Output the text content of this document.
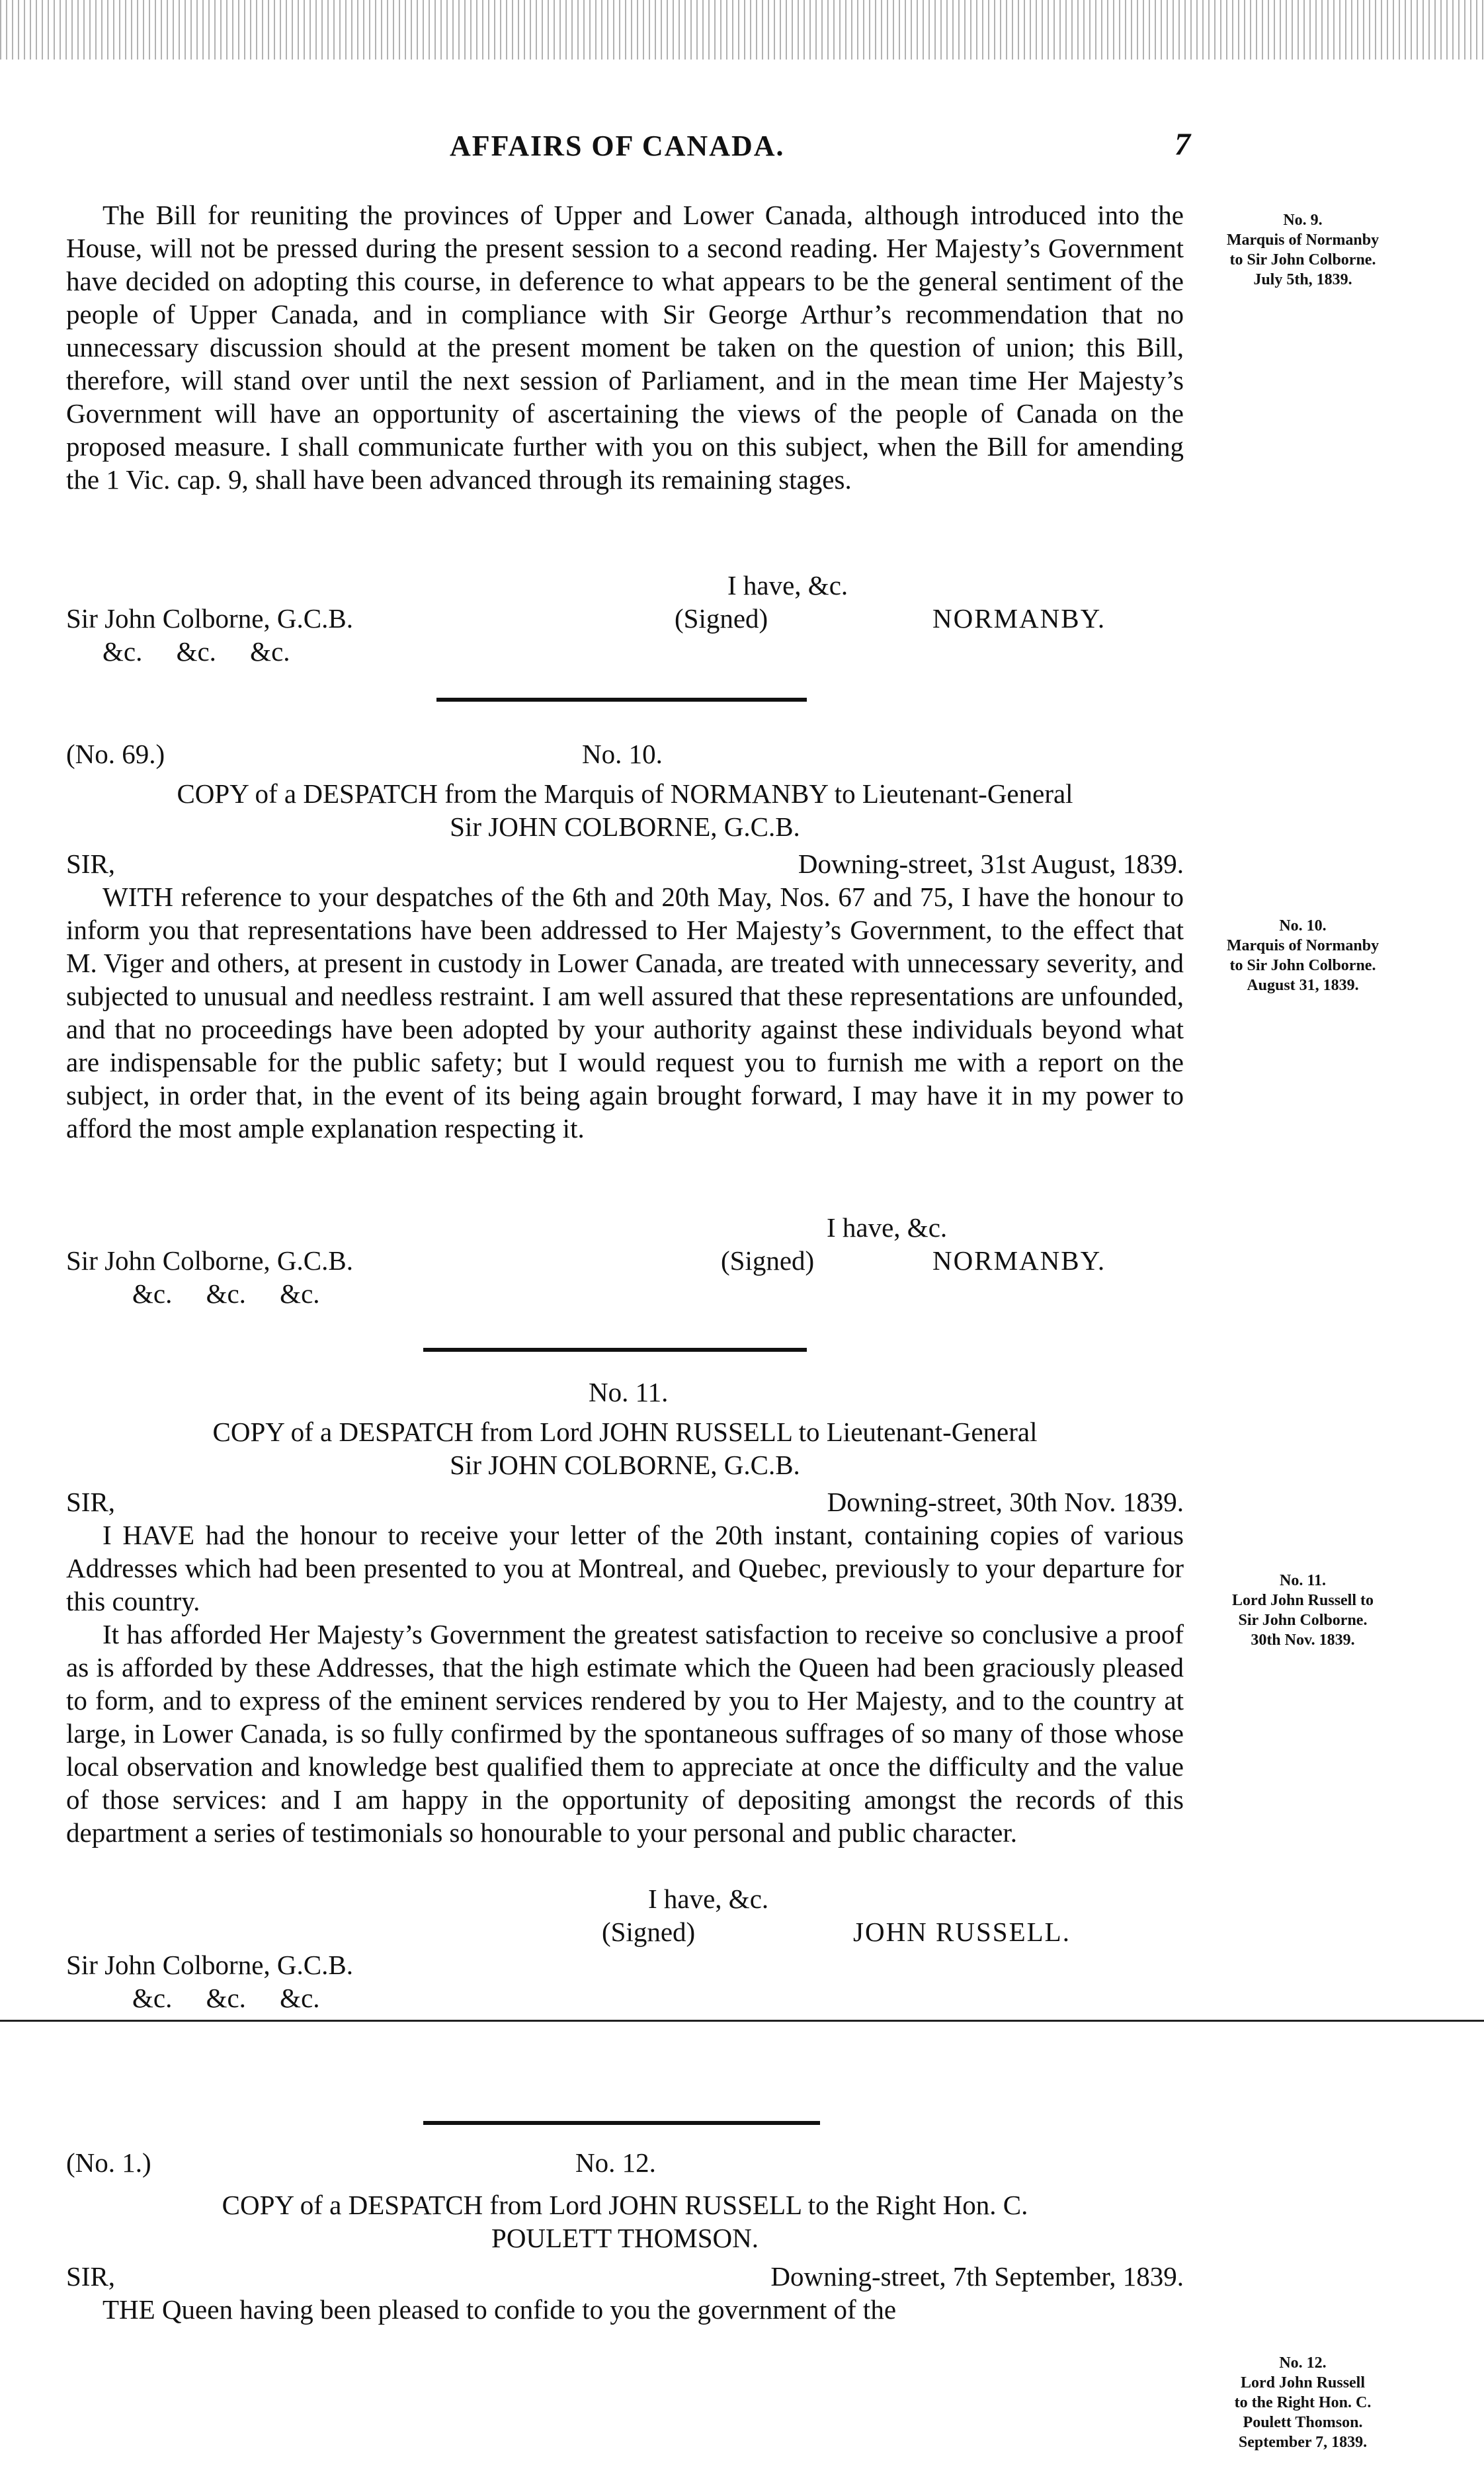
AFFAIRS OF CANADA.	7

The Bill for reuniting the provinces of Upper and Lower Canada, although introduced into the House, will not be pressed during the present session to a second reading. Her Majesty’s Government have decided on adopting this course, in deference to what appears to be the general sentiment of the people of Upper Canada, and in compliance with Sir George Arthur’s recommendation that no unnecessary discussion should at the present moment be taken on the question of union; this Bill, therefore, will stand over until the next session of Parliament, and in the mean time Her Majesty’s Government will have an opportunity of ascertaining the views of the people of Canada on the proposed measure. I shall communicate further with you on this subject, when the Bill for amending the 1 Vic. cap. 9, shall have been advanced through its remaining stages.

I have, &c.
Sir John Colborne, G.C.B.	(Signed)	NORMANBY.
&c.     &c.     &c.
No. 9.
Marquis of Normanby
to Sir John Colborne.
July 5th, 1839.
(No. 69.)	No. 10.
COPY of a DESPATCH from the Marquis of NORMANBY to Lieutenant-General
Sir JOHN COLBORNE, G.C.B.
SIR,	Downing-street, 31st August, 1839.

WITH reference to your despatches of the 6th and 20th May, Nos. 67 and 75, I have the honour to inform you that representations have been addressed to Her Majesty’s Government, to the effect that M. Viger and others, at present in custody in Lower Canada, are treated with unnecessary severity, and subjected to unusual and needless restraint. I am well assured that these representations are unfounded, and that no proceedings have been adopted by your authority against these individuals beyond what are indispensable for the public safety; but I would request you to furnish me with a report on the subject, in order that, in the event of its being again brought forward, I may have it in my power to afford the most ample explanation respecting it.

I have, &c.
Sir John Colborne, G.C.B.	(Signed)	NORMANBY.
&c.     &c.     &c.
No. 10.
Marquis of Normanby
to Sir John Colborne.
August 31, 1839.
No. 11.
COPY of a DESPATCH from Lord JOHN RUSSELL to Lieutenant-General
Sir JOHN COLBORNE, G.C.B.
SIR,	Downing-street, 30th Nov. 1839.

I HAVE had the honour to receive your letter of the 20th instant, containing copies of various Addresses which had been presented to you at Montreal, and Quebec, previously to your departure for this country.

It has afforded Her Majesty’s Government the greatest satisfaction to receive so conclusive a proof as is afforded by these Addresses, that the high estimate which the Queen had been graciously pleased to form, and to express of the eminent services rendered by you to Her Majesty, and to the country at large, in Lower Canada, is so fully confirmed by the spontaneous suffrages of so many of those whose local observation and knowledge best qualified them to appreciate at once the difficulty and the value of those services: and I am happy in the opportunity of depositing amongst the records of this department a series of testimonials so honourable to your personal and public character.

I have, &c.
(Signed)	JOHN RUSSELL.
Sir John Colborne, G.C.B.
&c.     &c.     &c.
No. 11.
Lord John Russell to
Sir John Colborne.
30th Nov. 1839.
(No. 1.)	No. 12.
COPY of a DESPATCH from Lord JOHN RUSSELL to the Right Hon. C.
POULETT THOMSON.
SIR,	Downing-street, 7th September, 1839.

THE Queen having been pleased to confide to you the government of the

No. 12.
Lord John Russell
to the Right Hon. C.
Poulett Thomson.
September 7, 1839.
